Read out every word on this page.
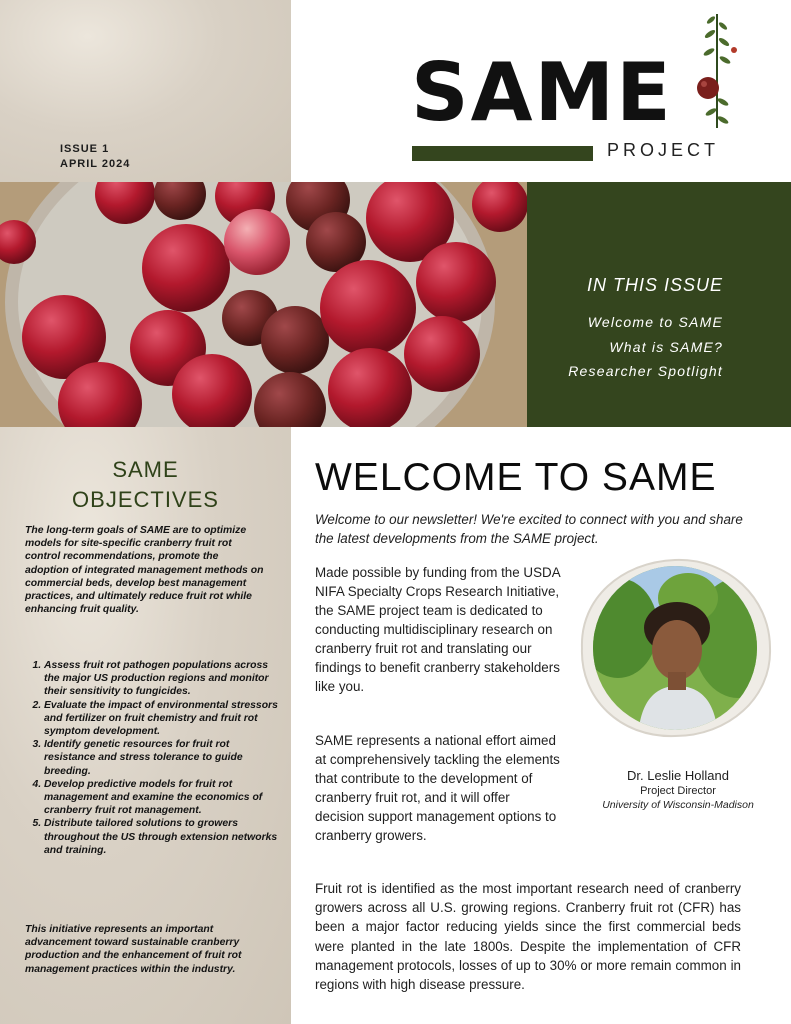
ISSUE 1
APRIL 2024
SAME
PROJECT
IN THIS ISSUE
Welcome to SAME
What is SAME?
Researcher Spotlight
SAME
OBJECTIVES
The long-term goals of SAME are to optimize models for site-specific cranberry fruit rot control recommendations, promote the adoption of integrated management methods on commercial beds, develop best management practices, and ultimately reduce fruit rot while enhancing fruit quality.
1. Assess fruit rot pathogen populations across the major US production regions and monitor their sensitivity to fungicides.
2. Evaluate the impact of environmental stressors and fertilizer on fruit chemistry and fruit rot symptom development.
3. Identify genetic resources for fruit rot resistance and stress tolerance to guide breeding.
4. Develop predictive models for fruit rot management and examine the economics of cranberry fruit rot management.
5. Distribute tailored solutions to growers throughout the US through extension networks and training.
This initiative represents an important advancement toward sustainable cranberry production and the enhancement of fruit rot management practices within the industry.
WELCOME TO SAME
Welcome to our newsletter! We're excited to connect with you and share the latest developments from the SAME project.
Made possible by funding from the USDA NIFA Specialty Crops Research Initiative, the SAME project team is dedicated to conducting multidisciplinary research on cranberry fruit rot and translating our findings to benefit cranberry stakeholders like you.
SAME represents a national effort aimed at comprehensively tackling the elements that contribute to the development of cranberry fruit rot, and it will offer decision support management options to cranberry growers.
Fruit rot is identified as the most important research need of cranberry growers across all U.S. growing regions. Cranberry fruit rot (CFR) has been a major factor reducing yields since the first commercial beds were planted in the late 1800s. Despite the implementation of CFR management protocols, losses of up to 30% or more remain common in regions with high disease pressure.
Dr. Leslie Holland
Project Director
University of Wisconsin-Madison
